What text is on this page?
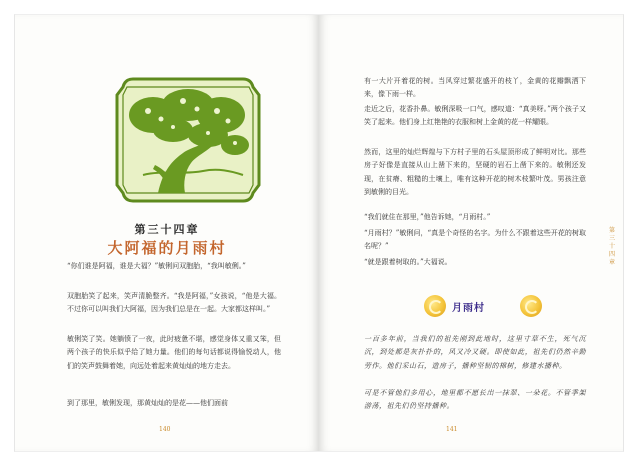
第三十四章
大阿福的月雨村
“你们谁是阿福，谁是大福？”敏俐问双胞胎，“我叫敏俐。”
双胞胎笑了起来，笑声清脆整齐。“我是阿福，”女孩说，“他是大福。不过你可以叫我们大阿福，因为我们总是在一起。大家都这样叫。”
敏俐笑了笑。她躺愤了一夜，此时疲惫不堪，感觉身体又重又笨，但两个孩子的快乐似乎给了她力量。他们的每句话都说得愉悦动人，他们的笑声鼓舞着她，向远处着起来黄灿灿的地方走去。
到了那里，敏俐发现，那黄灿灿的是花——他们面前
140
有一大片开着花的树。当风穿过繁花盛开的枝丫，金黄的花瓣飘洒下来，像下雨一样。
走近之后，花香扑鼻。敏俐深吸一口气，感叹道：“真美呀。”两个孩子又笑了起来。他们身上红艳艳的衣服和树上金黄的花一样耀眼。
然而，这里的灿烂辉煌与下方村子里的石头屋顶形成了鲜明对比。那些房子好像是直接从山上凿下来的，坚硬的岩石上凿下来的。敏俐还发现，在贫瘠、粗糙的土壤上，唯有这种开花的树木枝繁叶茂。男孩注意到敏俐的目光。
“我们就住在那里，”他告诉她，“月雨村。”
“月雨村？”敏俐问，“真是个奇怪的名字。为什么不跟着这些开花的树取名呢？”
“就是跟着树取的。”大福说。
月雨村
一百多年前，当我们的祖先刚到此地时，这里寸草不生，死气沉沉，到处都是灰扑扑的，风又冷又硬。即使如此，祖先们仍然辛勤劳作。他们采山石，造房子，播种坚韧的棉树，修建水播种。
可是不管他们多用心，地里都不愿长出一抹翠、一朵花。不管季架游荡，祖先们仍坚持播种。
第三十四章
141
